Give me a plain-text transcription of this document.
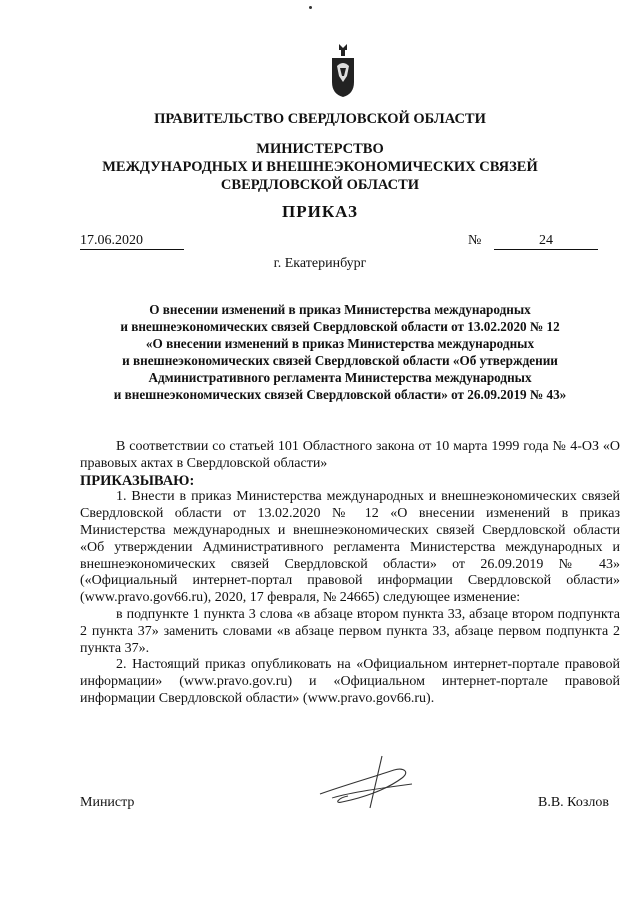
ПРАВИТЕЛЬСТВО СВЕРДЛОВСКОЙ ОБЛАСТИ
МИНИСТЕРСТВО
МЕЖДУНАРОДНЫХ И ВНЕШНЕЭКОНОМИЧЕСКИХ СВЯЗЕЙ
СВЕРДЛОВСКОЙ ОБЛАСТИ
ПРИКАЗ
17.06.2020	№	24
г. Екатеринбург
О внесении изменений в приказ Министерства международных
и внешнеэкономических связей Свердловской области от 13.02.2020 № 12
«О внесении изменений в приказ Министерства международных
и внешнеэкономических связей Свердловской области «Об утверждении
Административного регламента Министерства международных
и внешнеэкономических связей Свердловской области» от 26.09.2019 № 43»

В соответствии со статьей 101 Областного закона от 10 марта 1999 года № 4-ОЗ «О правовых актах в Свердловской области»

ПРИКАЗЫВАЮ:

1. Внести в приказ Министерства международных и внешнеэкономических связей Свердловской области от 13.02.2020 № 12 «О внесении изменений в приказ Министерства международных и внешнеэкономических связей Свердловской области «Об утверждении Административного регламента Министерства международных и внешнеэкономических связей Свердловской области» от 26.09.2019 № 43» («Официальный интернет-портал правовой информации Свердловской области» (www.pravo.gov66.ru), 2020, 17 февраля, № 24665) следующее изменение:

в подпункте 1 пункта 3 слова «в абзаце втором пункта 33, абзаце втором подпункта 2 пункта 37» заменить словами «в абзаце первом пункта 33, абзаце первом подпункта 2 пункта 37».

2. Настоящий приказ опубликовать на «Официальном интернет-портале правовой информации» (www.pravo.gov.ru) и «Официальном интернет-портале правовой информации Свердловской области» (www.pravo.gov66.ru).

Министр	В.В. Козлов
